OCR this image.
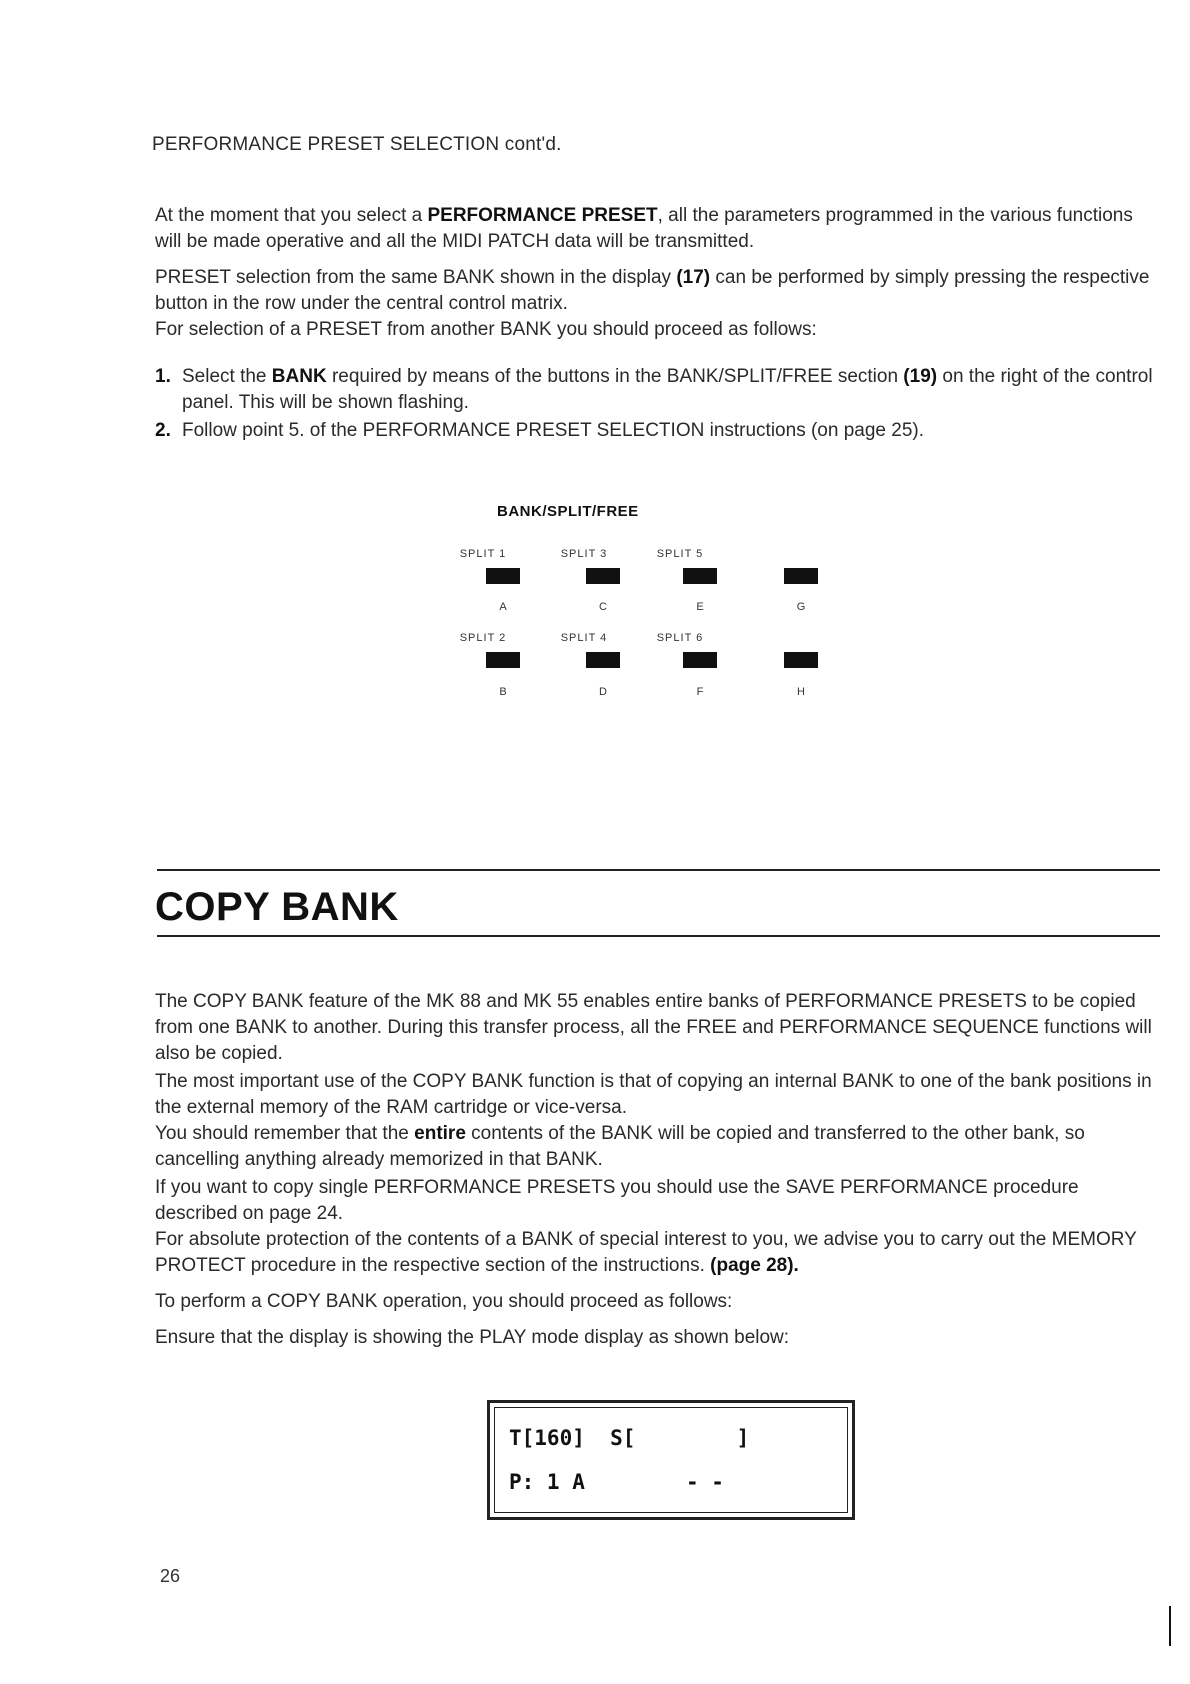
PERFORMANCE PRESET SELECTION cont'd.
At the moment that you select a PERFORMANCE PRESET, all the parameters programmed in the various functions will be made operative and all the MIDI PATCH data will be transmitted.
PRESET selection from the same BANK shown in the display (17) can be performed by simply pressing the respective button in the row under the central control matrix.
For selection of a PRESET from another BANK you should proceed as follows:
1. Select the BANK required by means of the buttons in the BANK/SPLIT/FREE section (19) on the right of the control panel. This will be shown flashing.
2. Follow point 5. of the PERFORMANCE PRESET SELECTION instructions (on page 25).
BANK/SPLIT/FREE
SPLIT 1	SPLIT 3	SPLIT 5
A	C	E	G
SPLIT 2	SPLIT 4	SPLIT 6
B	D	F	H
COPY BANK
The COPY BANK feature of the MK 88 and MK 55 enables entire banks of PERFORMANCE PRESETS to be copied from one BANK to another. During this transfer process, all the FREE and PERFORMANCE SEQUENCE functions will also be copied.
The most important use of the COPY BANK function is that of copying an internal BANK to one of the bank positions in the external memory of the RAM cartridge or vice-versa.
You should remember that the entire contents of the BANK will be copied and transferred to the other bank, so cancelling anything already memorized in that BANK.
If you want to copy single PERFORMANCE PRESETS you should use the SAVE PERFORMANCE procedure described on page 24.
For absolute protection of the contents of a BANK of special interest to you, we advise you to carry out the MEMORY PROTECT procedure in the respective section of the instructions. (page 28).
To perform a COPY BANK operation, you should proceed as follows:
Ensure that the display is showing the PLAY mode display as shown below:
T[160]  S[        ]
P: 1 A        - -
26
